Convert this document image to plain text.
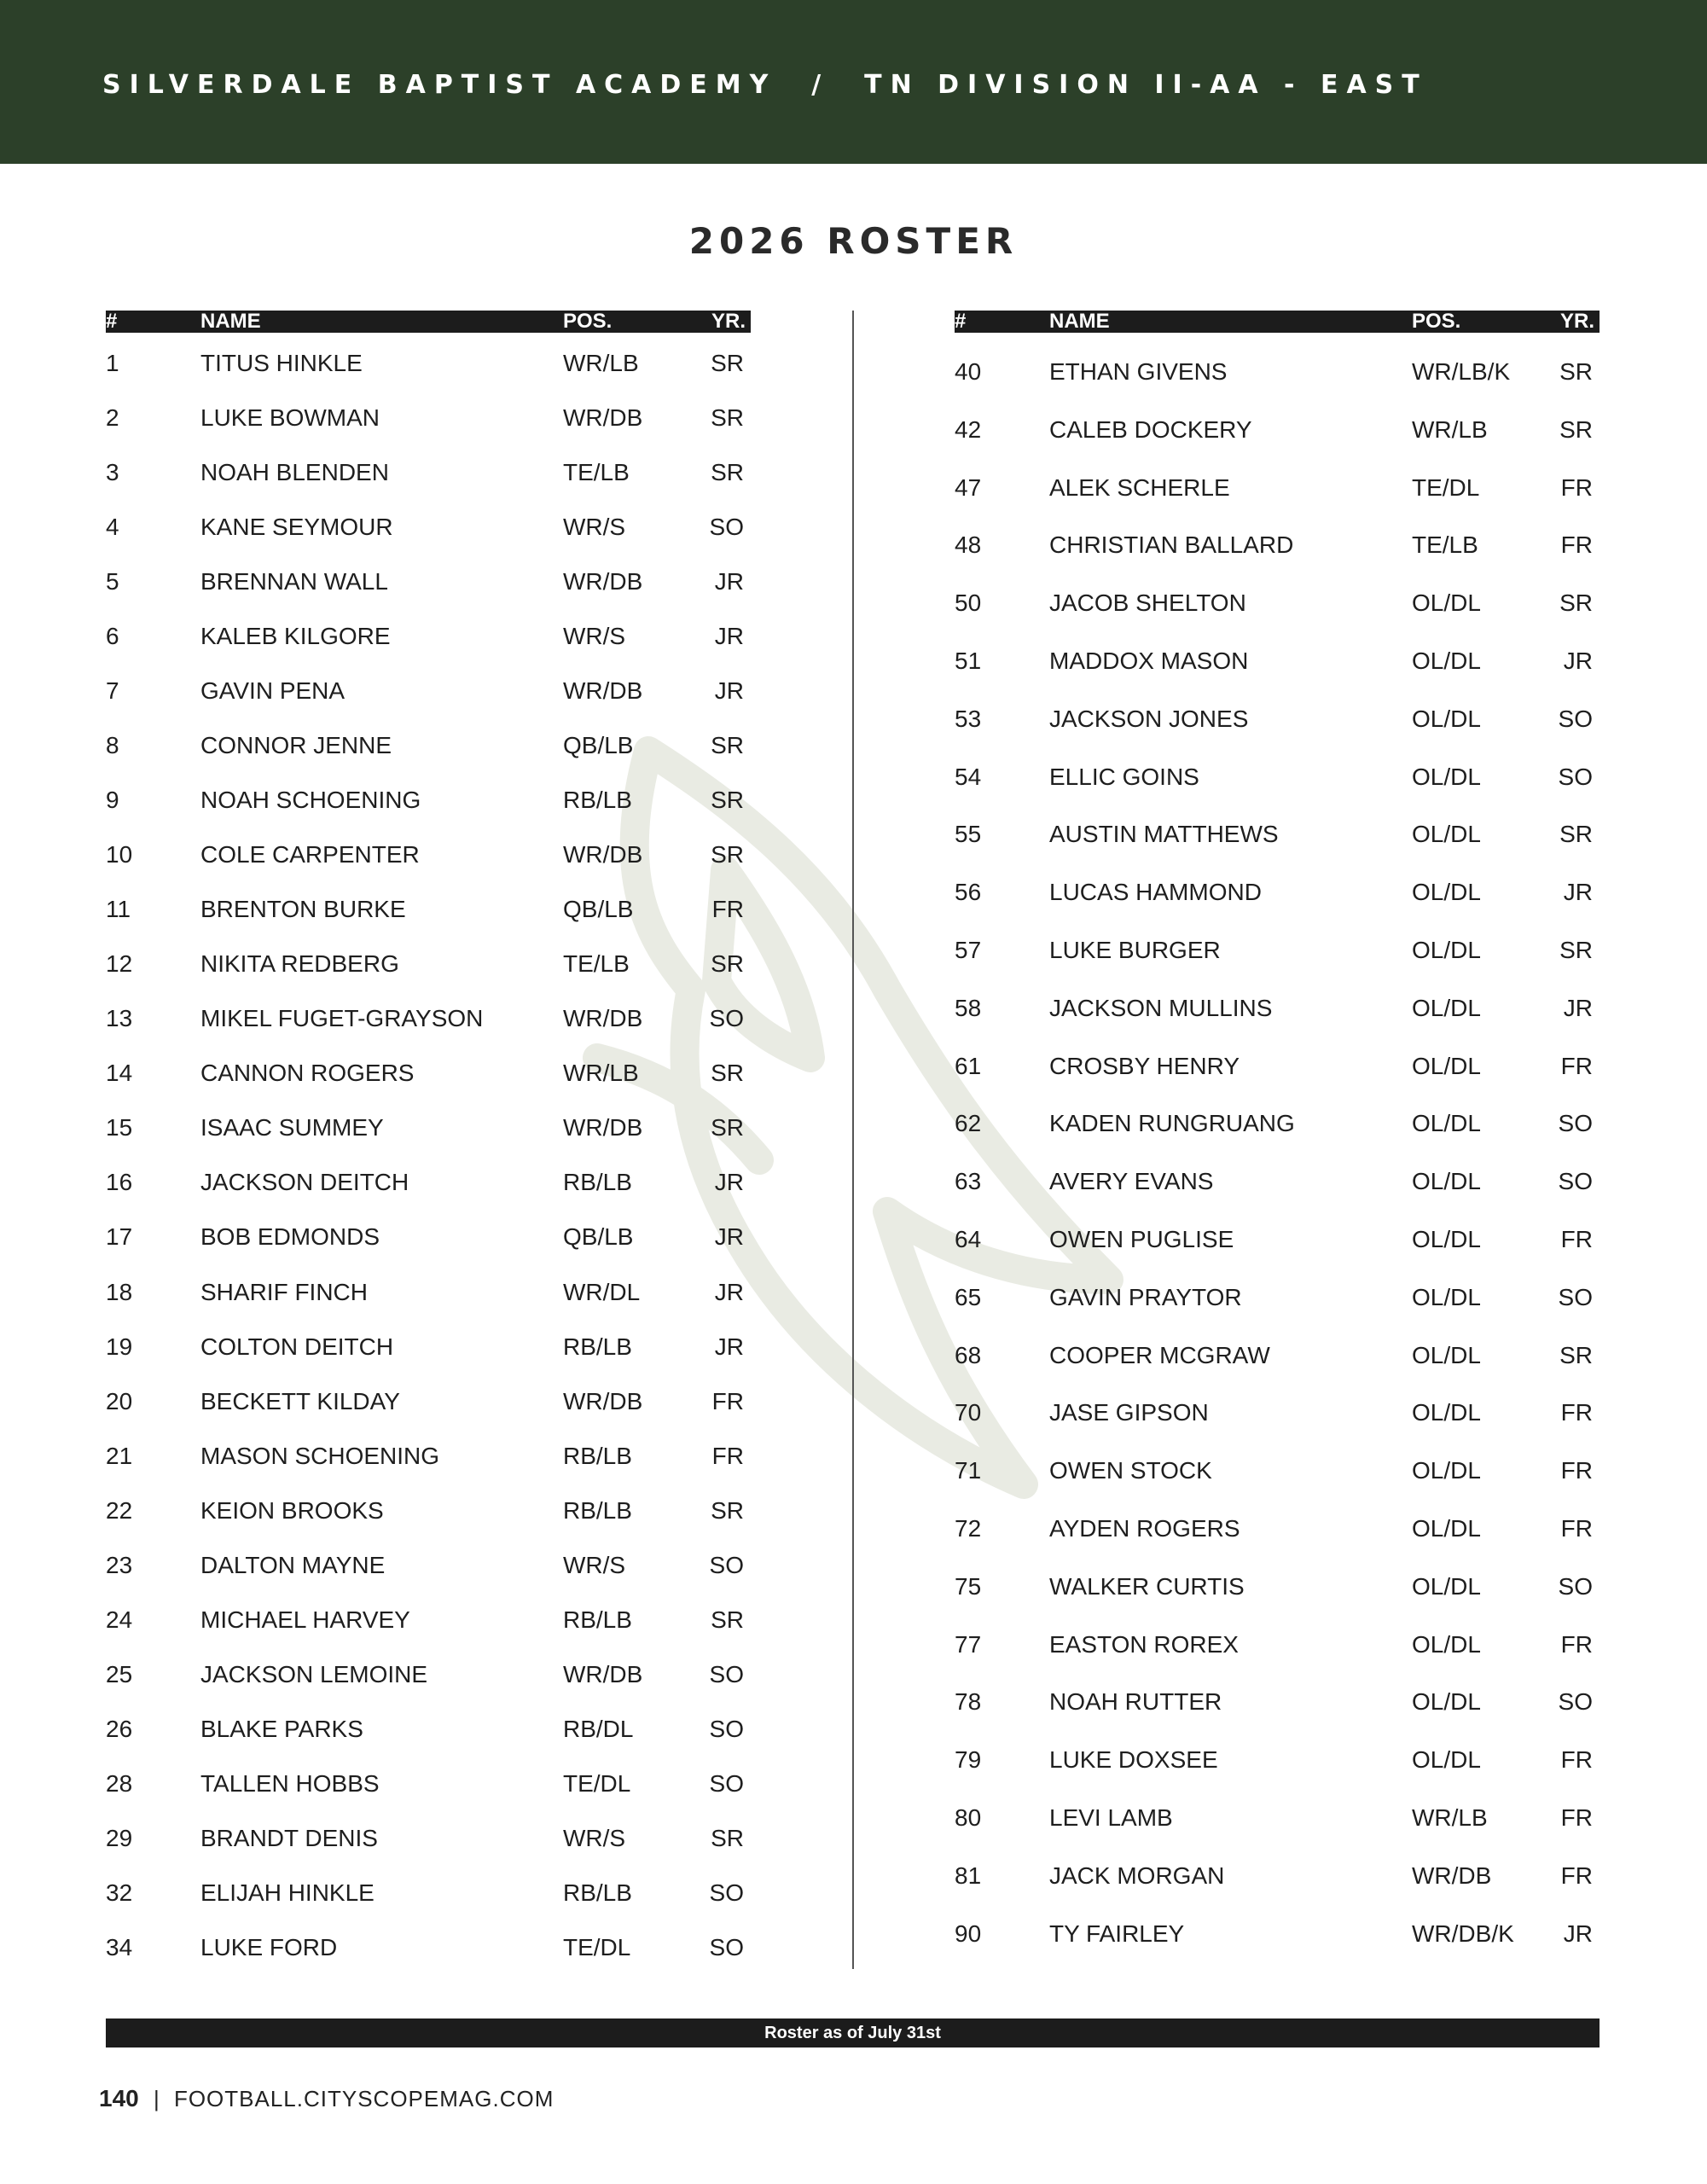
SILVERDALE BAPTIST ACADEMY  /  TN DIVISION II-AA - EAST
2026 ROSTER
#	NAME	POS.	YR.
1	TITUS HINKLE	WR/LB	SR
2	LUKE BOWMAN	WR/DB	SR
3	NOAH BLENDEN	TE/LB	SR
4	KANE SEYMOUR	WR/S	SO
5	BRENNAN WALL	WR/DB	JR
6	KALEB KILGORE	WR/S	JR
7	GAVIN PENA	WR/DB	JR
8	CONNOR JENNE	QB/LB	SR
9	NOAH SCHOENING	RB/LB	SR
10	COLE CARPENTER	WR/DB	SR
11	BRENTON BURKE	QB/LB	FR
12	NIKITA REDBERG	TE/LB	SR
13	MIKEL FUGET-GRAYSON	WR/DB	SO
14	CANNON ROGERS	WR/LB	SR
15	ISAAC SUMMEY	WR/DB	SR
16	JACKSON DEITCH	RB/LB	JR
17	BOB EDMONDS	QB/LB	JR
18	SHARIF FINCH	WR/DL	JR
19	COLTON DEITCH	RB/LB	JR
20	BECKETT KILDAY	WR/DB	FR
21	MASON SCHOENING	RB/LB	FR
22	KEION BROOKS	RB/LB	SR
23	DALTON MAYNE	WR/S	SO
24	MICHAEL HARVEY	RB/LB	SR
25	JACKSON LEMOINE	WR/DB	SO
26	BLAKE PARKS	RB/DL	SO
28	TALLEN HOBBS	TE/DL	SO
29	BRANDT DENIS	WR/S	SR
32	ELIJAH HINKLE	RB/LB	SO
34	LUKE FORD	TE/DL	SO
#	NAME	POS.	YR.
40	ETHAN GIVENS	WR/LB/K SR
42	CALEB DOCKERY	WR/LB	SR
47	ALEK SCHERLE	TE/DL	FR
48	CHRISTIAN BALLARD	TE/LB	FR
50	JACOB SHELTON	OL/DL	SR
51	MADDOX MASON	OL/DL	JR
53	JACKSON JONES	OL/DL	SO
54	ELLIC GOINS	OL/DL	SO
55	AUSTIN MATTHEWS	OL/DL	SR
56	LUCAS HAMMOND	OL/DL	JR
57	LUKE BURGER	OL/DL	SR
58	JACKSON MULLINS	OL/DL	JR
61	CROSBY HENRY	OL/DL	FR
62	KADEN RUNGRUANG	OL/DL	SO
63	AVERY EVANS	OL/DL	SO
64	OWEN PUGLISE	OL/DL	FR
65	GAVIN PRAYTOR	OL/DL	SO
68	COOPER MCGRAW	OL/DL	SR
70	JASE GIPSON	OL/DL	FR
71	OWEN STOCK	OL/DL	FR
72	AYDEN ROGERS	OL/DL	FR
75	WALKER CURTIS	OL/DL	SO
77	EASTON ROREX	OL/DL	FR
78	NOAH RUTTER	OL/DL	SO
79	LUKE DOXSEE	OL/DL	FR
80	LEVI LAMB	WR/LB	FR
81	JACK MORGAN	WR/DB	FR
90	TY FAIRLEY	WR/DB/K JR
Roster as of July 31st
140 | FOOTBALL.CITYSCOPEMAG.COM
